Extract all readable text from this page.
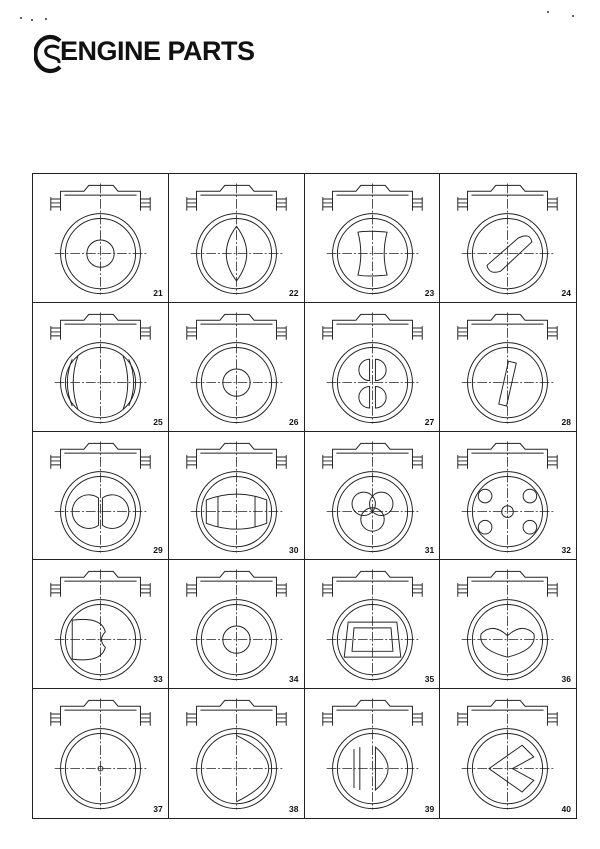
ENGINE PARTS
21	22	23	24
25	26	27	28
29	30	31	32
33	34	35	36
37	38	39	40
